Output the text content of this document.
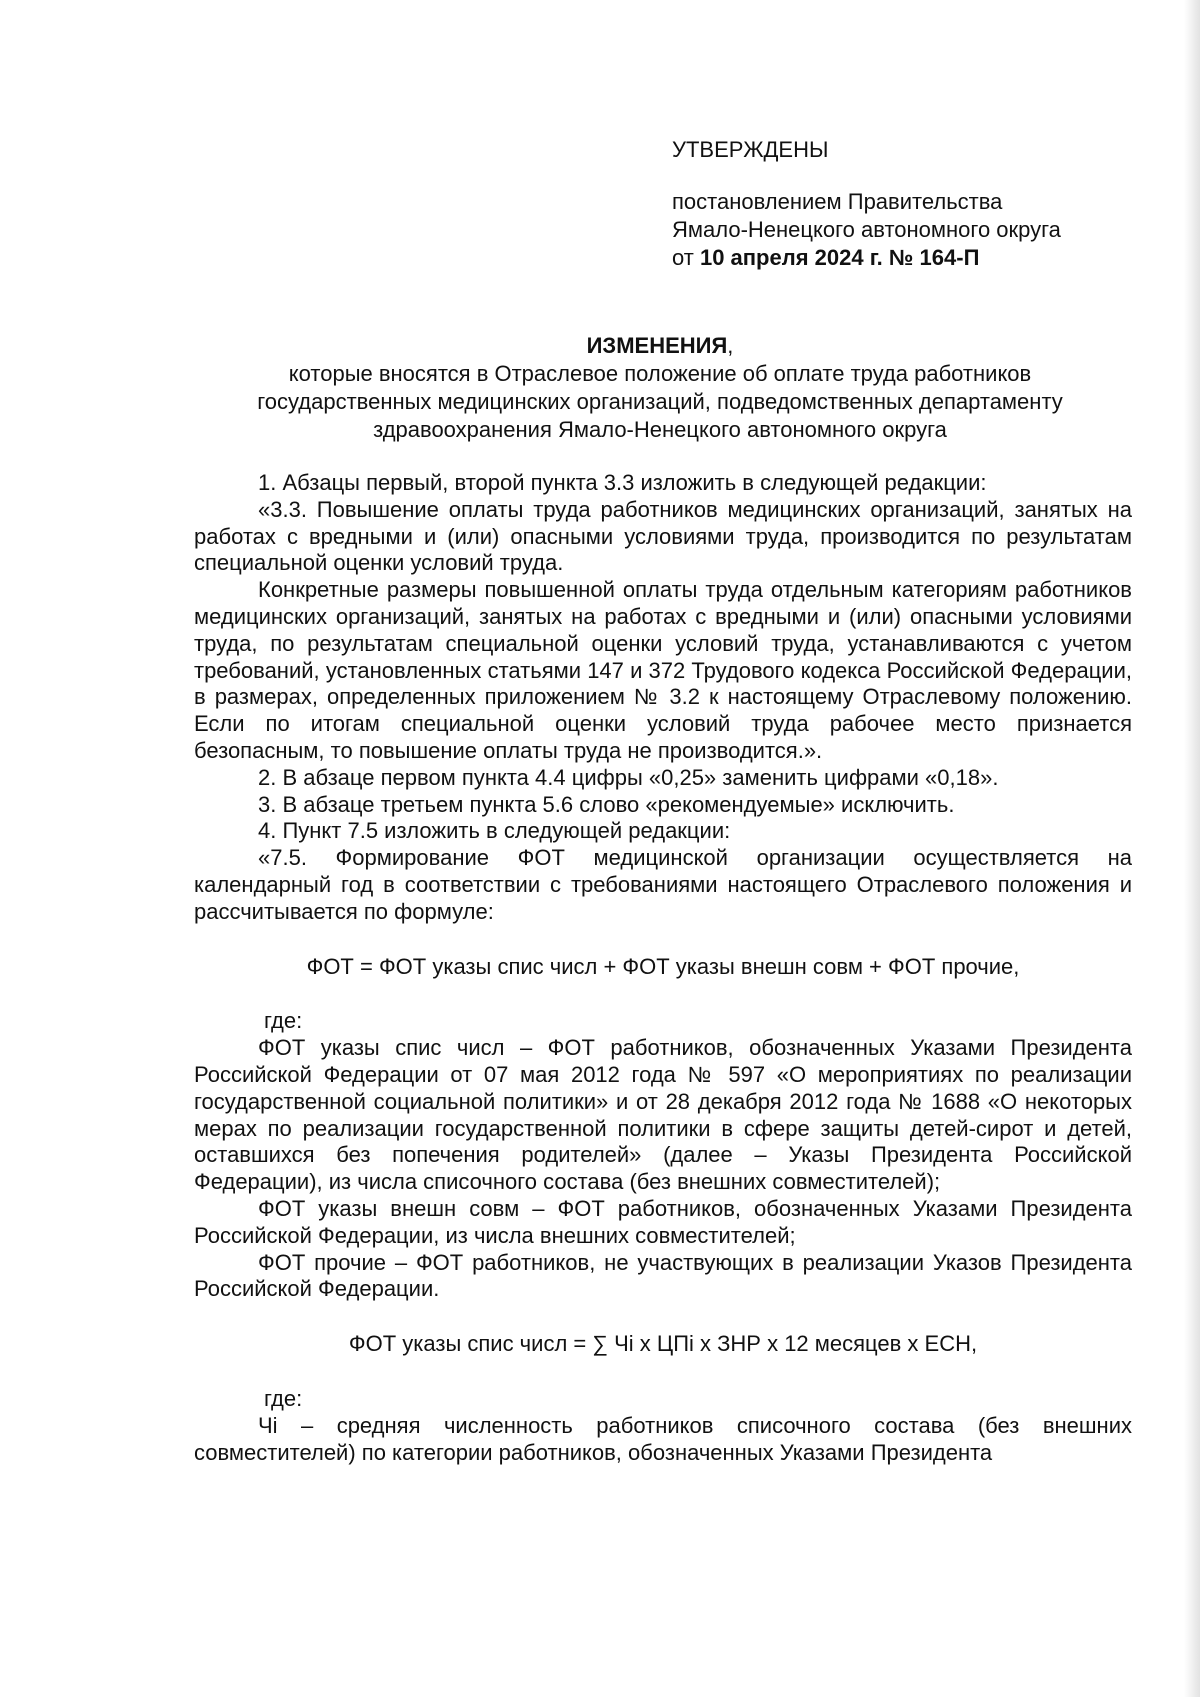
УТВЕРЖДЕНЫ
постановлением Правительства
Ямало-Ненецкого автономного округа
от 10 апреля 2024 г. № 164-П
ИЗМЕНЕНИЯ,
которые вносятся в Отраслевое положение об оплате труда работников
государственных медицинских организаций, подведомственных департаменту
здравоохранения Ямало-Ненецкого автономного округа

1. Абзацы первый, второй пункта 3.3 изложить в следующей редакции:

«3.3. Повышение оплаты труда работников медицинских организаций, занятых на работах с вредными и (или) опасными условиями труда, производится по результатам специальной оценки условий труда.

Конкретные размеры повышенной оплаты труда отдельным категориям работников медицинских организаций, занятых на работах с вредными и (или) опасными условиями труда, по результатам специальной оценки условий труда, устанавливаются с учетом требований, установленных статьями 147 и 372 Трудового кодекса Российской Федерации, в размерах, определенных приложением № 3.2 к настоящему Отраслевому положению. Если по итогам специальной оценки условий труда рабочее место признается безопасным, то повышение оплаты труда не производится.».

2. В абзаце первом пункта 4.4 цифры «0,25» заменить цифрами «0,18».

3. В абзаце третьем пункта 5.6 слово «рекомендуемые» исключить.

4. Пункт 7.5 изложить в следующей редакции:

«7.5. Формирование ФОТ медицинской организации осуществляется на календарный год в соответствии с требованиями настоящего Отраслевого положения и рассчитывается по формуле:

ФОТ = ФОТ указы спис числ + ФОТ указы внешн совм + ФОТ прочие,

где:

ФОТ указы спис числ – ФОТ работников, обозначенных Указами Президента Российской Федерации от 07 мая 2012 года № 597 «О мероприятиях по реализации государственной социальной политики» и от 28 декабря 2012 года № 1688 «О некоторых мерах по реализации государственной политики в сфере защиты детей-сирот и детей, оставшихся без попечения родителей» (далее – Указы Президента Российской Федерации), из числа списочного состава (без внешних совместителей);

ФОТ указы внешн совм – ФОТ работников, обозначенных Указами Президента Российской Федерации, из числа внешних совместителей;

ФОТ прочие – ФОТ работников, не участвующих в реализации Указов Президента Российской Федерации.

ФОТ указы спис числ = ∑ Чi х ЦПi х ЗНР х 12 месяцев х ЕСН,

где:

Чi – средняя численность работников списочного состава (без внешних совместителей) по категории работников, обозначенных Указами Президента
